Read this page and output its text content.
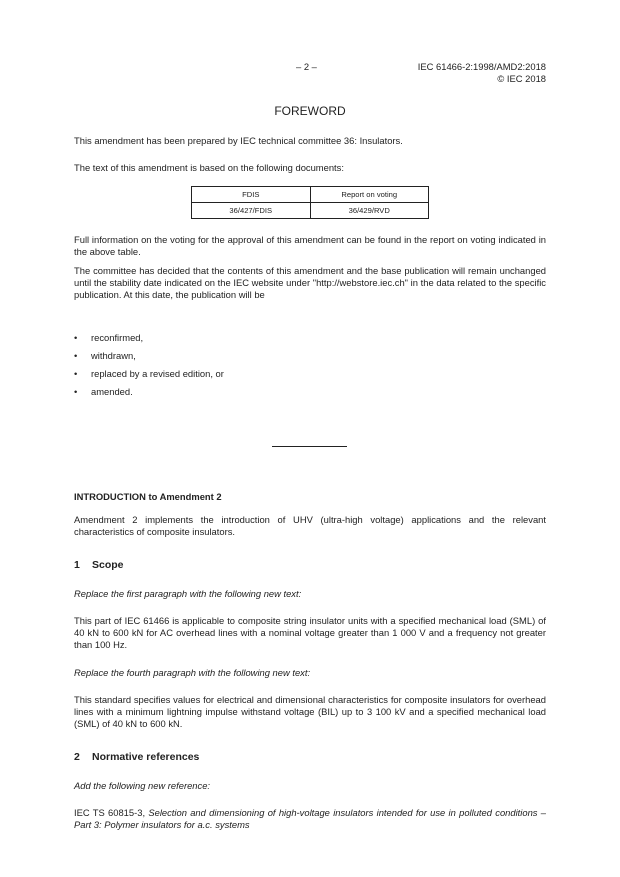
– 2 –	IEC 61466-2:1998/AMD2:2018
© IEC 2018
FOREWORD
This amendment has been prepared by IEC technical committee 36: Insulators.
The text of this amendment is based on the following documents:
FDIS	Report on voting
36/427/FDIS	36/429/RVD
Full information on the voting for the approval of this amendment can be found in the report on voting indicated in the above table.
The committee has decided that the contents of this amendment and the base publication will remain unchanged until the stability date indicated on the IEC website under "http://webstore.iec.ch" in the data related to the specific publication. At this date, the publication will be
• reconfirmed,
• withdrawn,
• replaced by a revised edition, or
• amended.
INTRODUCTION to Amendment 2
Amendment 2 implements the introduction of UHV (ultra-high voltage) applications and the relevant characteristics of composite insulators.
1 Scope
Replace the first paragraph with the following new text:
This part of IEC 61466 is applicable to composite string insulator units with a specified mechanical load (SML) of 40 kN to 600 kN for AC overhead lines with a nominal voltage greater than 1 000 V and a frequency not greater than 100 Hz.
Replace the fourth paragraph with the following new text:
This standard specifies values for electrical and dimensional characteristics for composite insulators for overhead lines with a minimum lightning impulse withstand voltage (BIL) up to 3 100 kV and a specified mechanical load (SML) of 40 kN to 600 kN.
2 Normative references
Add the following new reference:
IEC TS 60815-3, Selection and dimensioning of high-voltage insulators intended for use in polluted conditions – Part 3: Polymer insulators for a.c. systems
